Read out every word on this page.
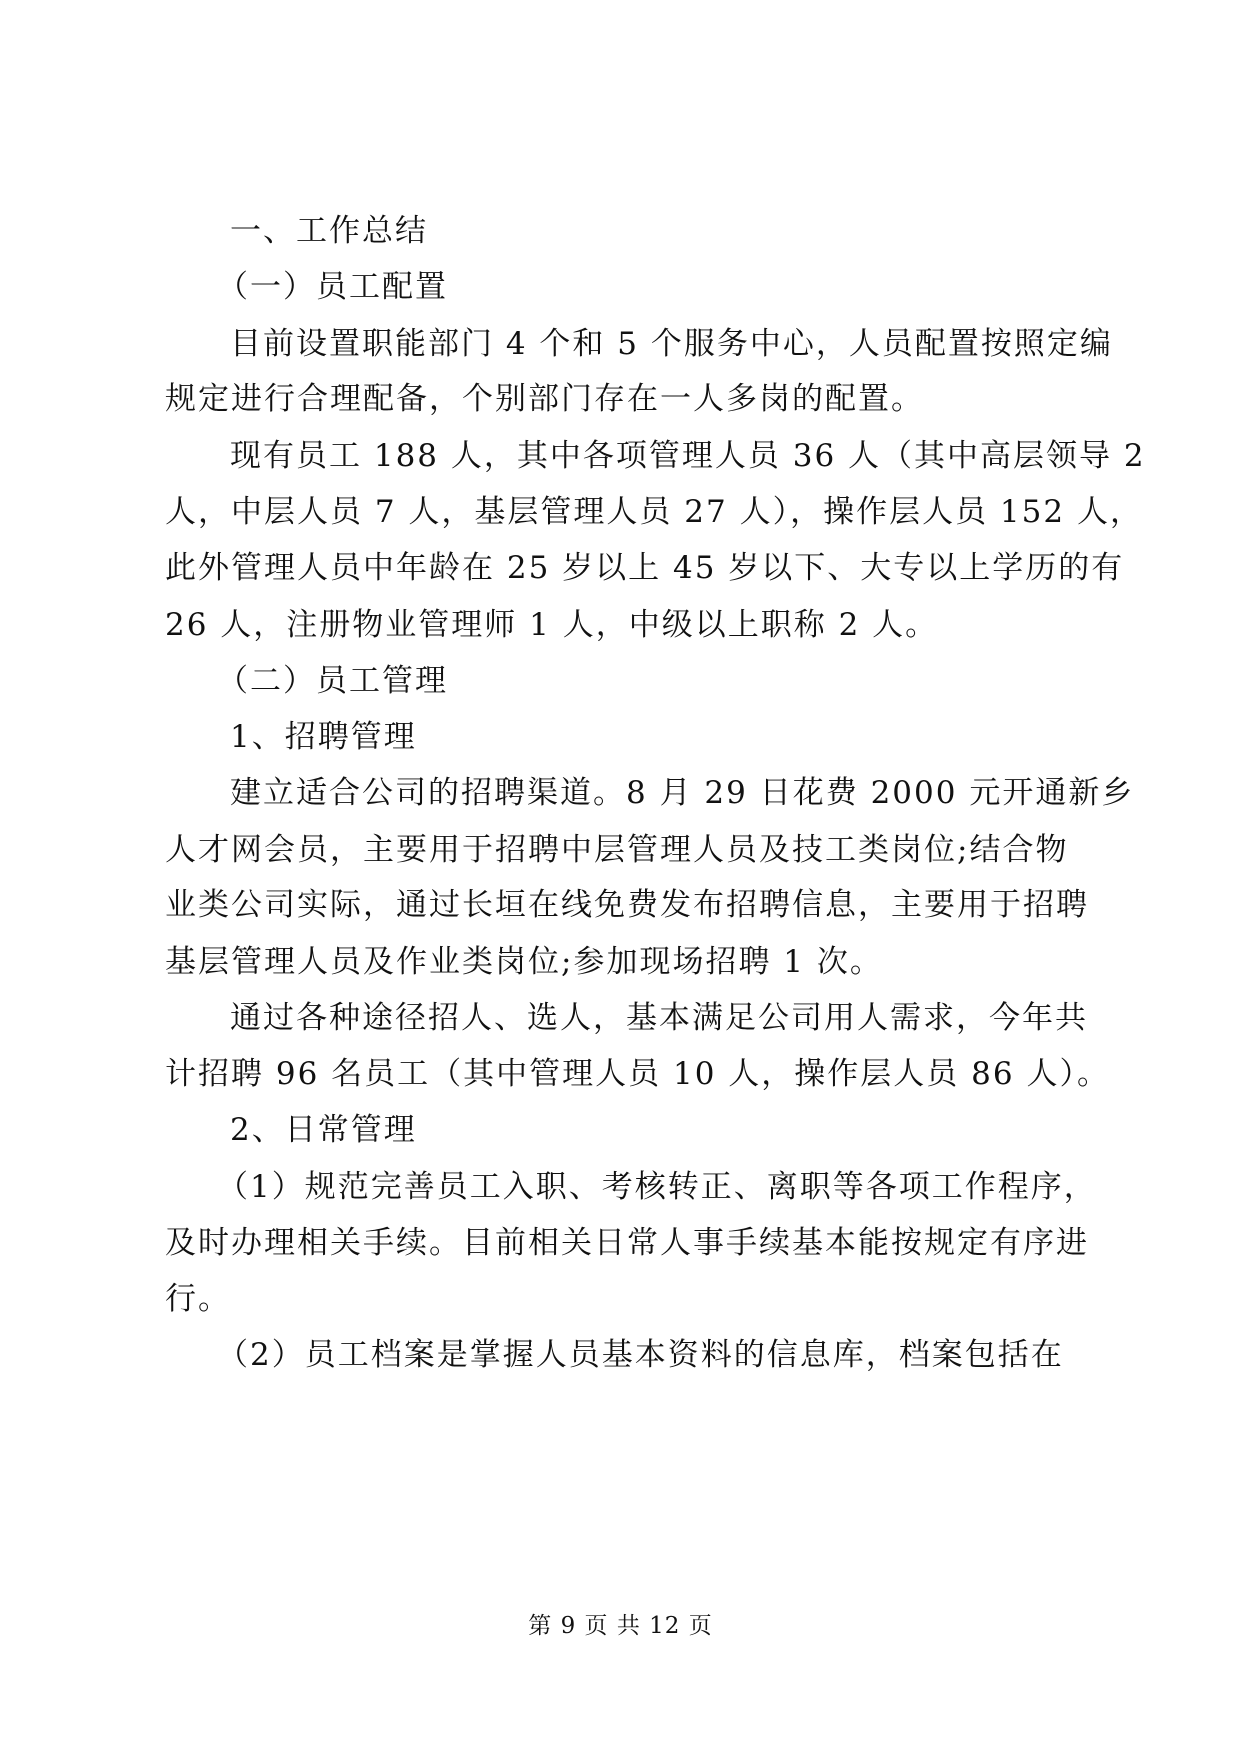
一、工作总结
（一）员工配置
目前设置职能部门 4 个和 5 个服务中心，人员配置按照定编
规定进行合理配备，个别部门存在一人多岗的配置。
现有员工 188 人，其中各项管理人员 36 人（其中高层领导 2
人，中层人员 7 人，基层管理人员 27 人），操作层人员 152 人，
此外管理人员中年龄在 25 岁以上 45 岁以下、大专以上学历的有
26 人，注册物业管理师 1 人，中级以上职称 2 人。
（二）员工管理
1、招聘管理
建立适合公司的招聘渠道。8 月 29 日花费 2000 元开通新乡
人才网会员，主要用于招聘中层管理人员及技工类岗位;结合物
业类公司实际，通过长垣在线免费发布招聘信息，主要用于招聘
基层管理人员及作业类岗位;参加现场招聘 1 次。
通过各种途径招人、选人，基本满足公司用人需求，今年共
计招聘 96 名员工（其中管理人员 10 人，操作层人员 86 人）。
2、日常管理
（1）规范完善员工入职、考核转正、离职等各项工作程序，
及时办理相关手续。目前相关日常人事手续基本能按规定有序进
行。
（2）员工档案是掌握人员基本资料的信息库，档案包括在
第 9 页 共 12 页
